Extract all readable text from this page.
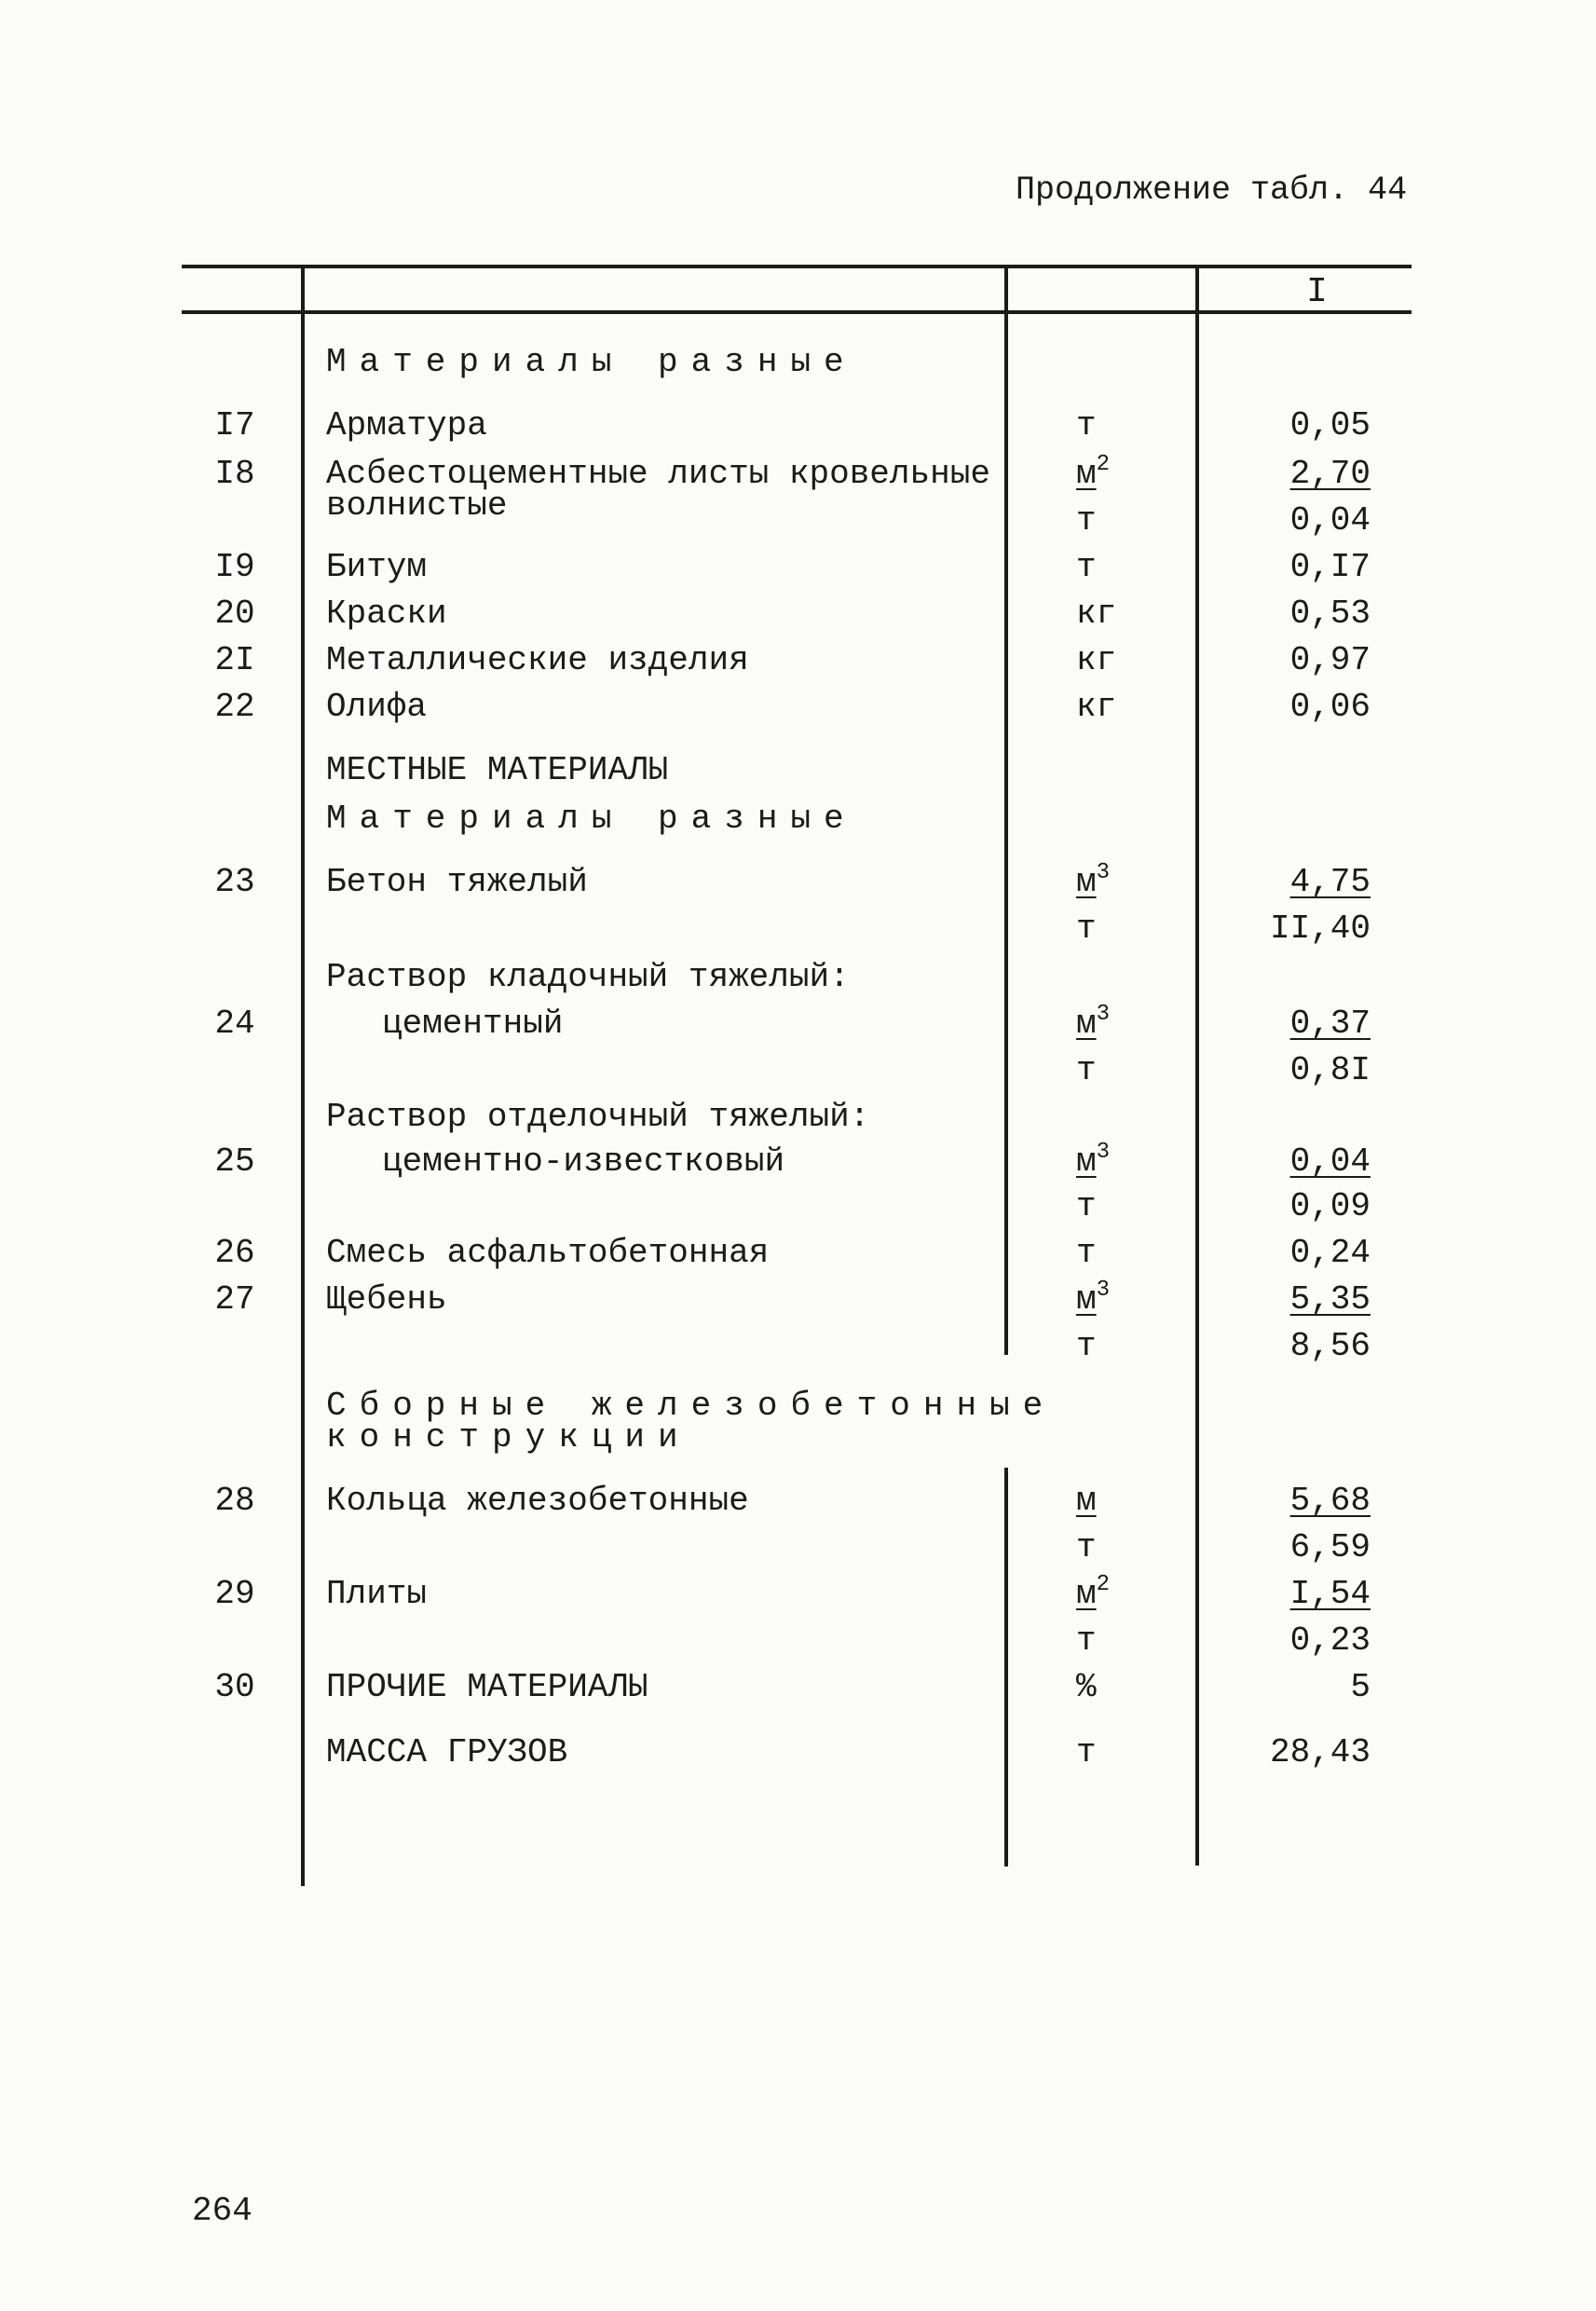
Продолжение табл. 44
I
Материалы разные
I7 Арматура	т	0,05
I8 Асбестоцементные листы кровельные	$м^2$	2,70
волнистые	т	0,04
I9 Битум	т	0,I7
20 Краски	кг	0,53
2I Металлические изделия	кг	0,97
22 Олифа	кг	0,06
МЕСТНЫЕ МАТЕРИАЛЫ
Материалы разные
23 Бетон тяжелый	$м^3$	4,75
т	II,40
Раствор кладочный тяжелый:
24	цементный	$м^3$	0,37
т	0,8I
Раствор отделочный тяжелый:
25	цементно-известковый	$м^3$	0,04
т	0,09
26 Смесь асфальтобетонная	т	0,24
27 Щебень	$м^3$	5,35
т	8,56
Сборные железобетонные
конструкции
28 Кольца железобетонные	м	5,68
т	6,59
29 Плиты	$м^2$	I,54
т	0,23
30 ПРОЧИЕ МАТЕРИАЛЫ	%	5
МАССА ГРУЗОВ	т	28,43
264
